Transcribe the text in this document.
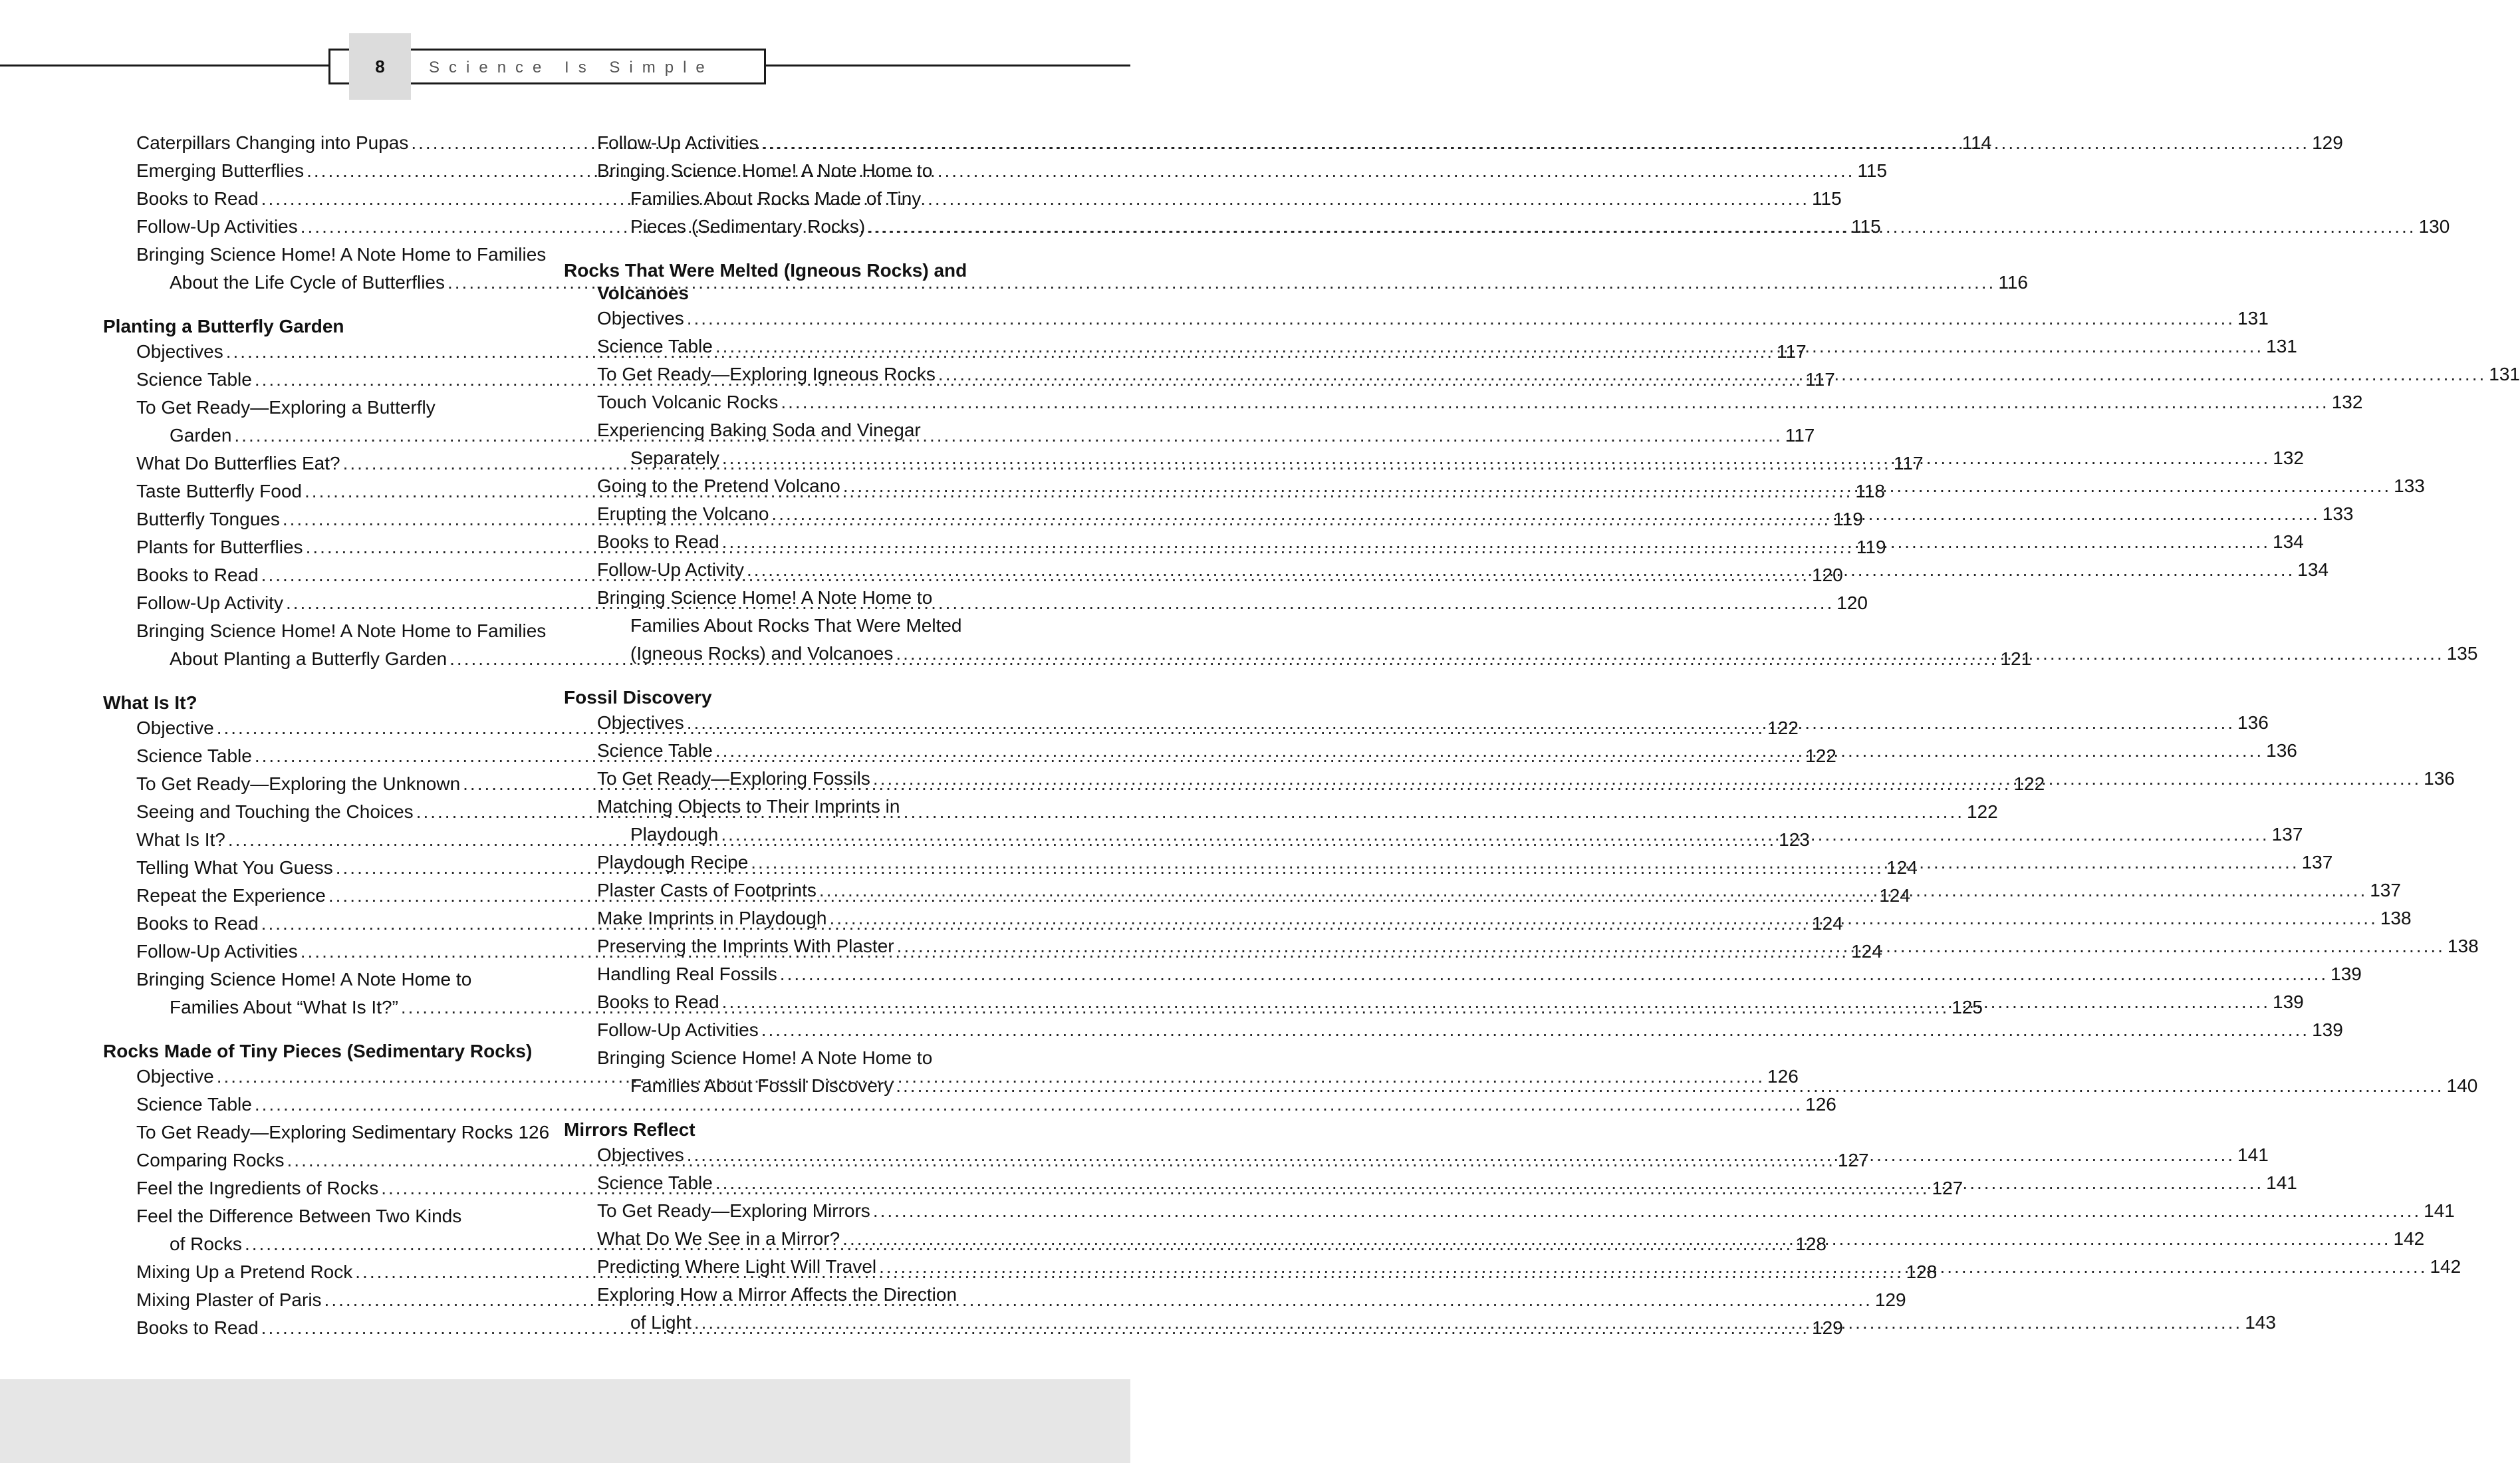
8	Science Is Simple
Caterpillars Changing into Pupas .....	114
Emerging Butterflies .....	115
Books to Read .....	115
Follow-Up Activities .....	115
Bringing Science Home! A Note Home to Families
About the Life Cycle of Butterflies .....	116
Planting a Butterfly Garden
Objectives .....	117
Science Table .....	117
To Get Ready—Exploring a Butterfly
Garden .....	117
What Do Butterflies Eat? .....	117
Taste Butterfly Food .....	118
Butterfly Tongues .....	119
Plants for Butterflies .....	119
Books to Read .....	120
Follow-Up Activity .....	120
Bringing Science Home! A Note Home to Families
About Planting a Butterfly Garden .....	121
What Is It?
Objective .....	122
Science Table .....	122
To Get Ready—Exploring the Unknown .....	122
Seeing and Touching the Choices .....	122
What Is It? .....	123
Telling What You Guess .....	124
Repeat the Experience .....	124
Books to Read .....	124
Follow-Up Activities .....	124
Bringing Science Home! A Note Home to
Families About “What Is It?” .....	125
Rocks Made of Tiny Pieces (Sedimentary Rocks)
Objective .....	126
Science Table .....	126
To Get Ready—Exploring Sedimentary Rocks 126
Comparing Rocks .....	127
Feel the Ingredients of Rocks .....	127
Feel the Difference Between Two Kinds
of Rocks .....	128
Mixing Up a Pretend Rock .....	128
Mixing Plaster of Paris .....	129
Books to Read .....	129
Follow-Up Activities .....	129
Bringing Science Home! A Note Home to
Families About Rocks Made of Tiny
Pieces (Sedimentary Rocks) .....	130
Rocks That Were Melted (Igneous Rocks) and
Volcanoes
Objectives .....	131
Science Table .....	131
To Get Ready—Exploring Igneous Rocks .....	131
Touch Volcanic Rocks .....	132
Experiencing Baking Soda and Vinegar
Separately .....	132
Going to the Pretend Volcano .....	133
Erupting the Volcano .....	133
Books to Read .....	134
Follow-Up Activity .....	134
Bringing Science Home! A Note Home to
Families About Rocks That Were Melted
(Igneous Rocks) and Volcanoes .....	135
Fossil Discovery
Objectives .....	136
Science Table .....	136
To Get Ready—Exploring Fossils .....	136
Matching Objects to Their Imprints in
Playdough .....	137
Playdough Recipe .....	137
Plaster Casts of Footprints .....	137
Make Imprints in Playdough .....	138
Preserving the Imprints With Plaster .....	138
Handling Real Fossils .....	139
Books to Read .....	139
Follow-Up Activities .....	139
Bringing Science Home! A Note Home to
Families About Fossil Discovery .....	140
Mirrors Reflect
Objectives .....	141
Science Table .....	141
To Get Ready—Exploring Mirrors .....	141
What Do We See in a Mirror? .....	142
Predicting Where Light Will Travel .....	142
Exploring How a Mirror Affects the Direction
of Light .....	143
